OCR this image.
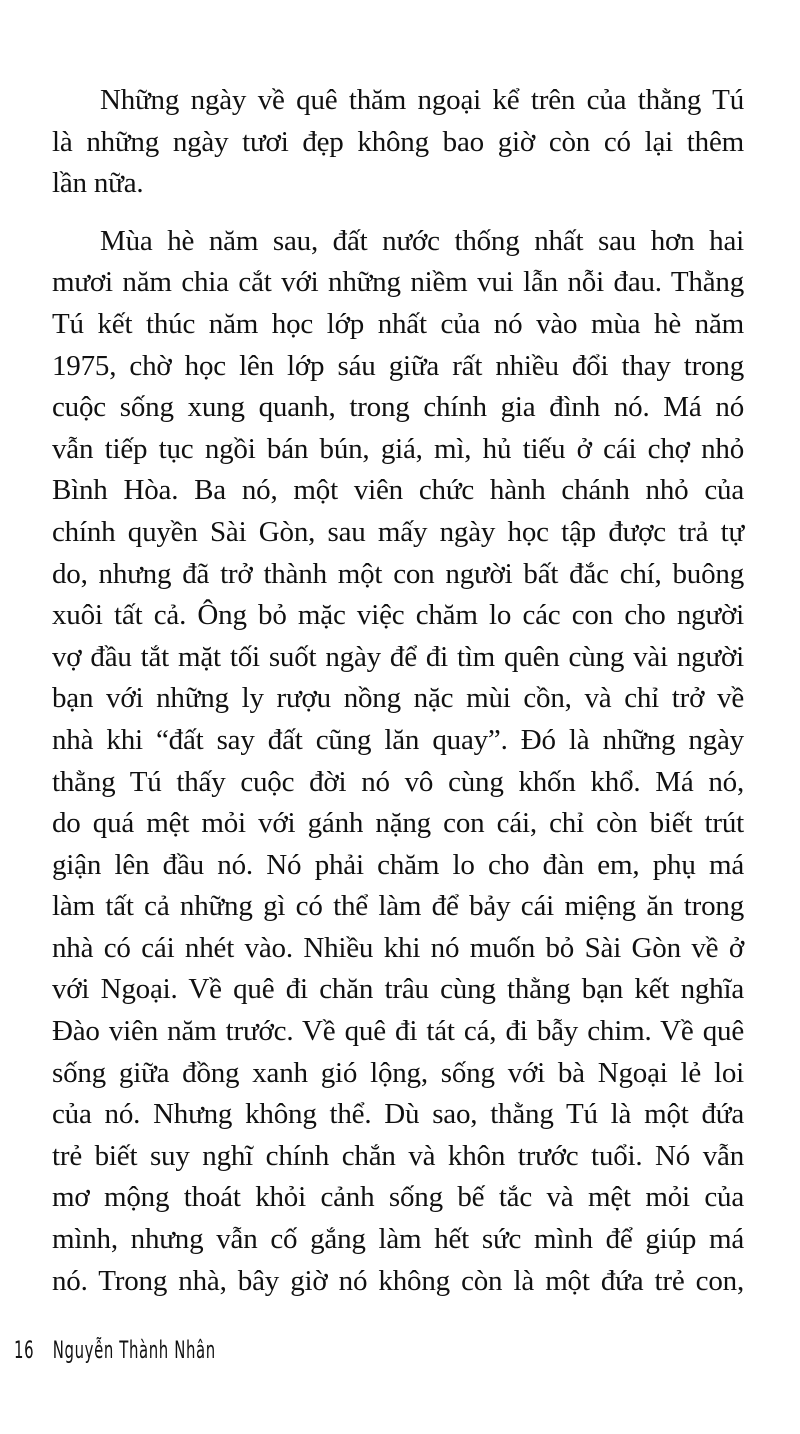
Những ngày về quê thăm ngoại kể trên của thằng Tú
là những ngày tươi đẹp không bao giờ còn có lại thêm
lần nữa.
Mùa hè năm sau, đất nước thống nhất sau hơn hai
mươi năm chia cắt với những niềm vui lẫn nỗi đau. Thằng
Tú kết thúc năm học lớp nhất của nó vào mùa hè năm
1975, chờ học lên lớp sáu giữa rất nhiều đổi thay trong
cuộc sống xung quanh, trong chính gia đình nó. Má nó
vẫn tiếp tục ngồi bán bún, giá, mì, hủ tiếu ở cái chợ nhỏ
Bình Hòa. Ba nó, một viên chức hành chánh nhỏ của
chính quyền Sài Gòn, sau mấy ngày học tập được trả tự
do, nhưng đã trở thành một con người bất đắc chí, buông
xuôi tất cả. Ông bỏ mặc việc chăm lo các con cho người
vợ đầu tắt mặt tối suốt ngày để đi tìm quên cùng vài người
bạn với những ly rượu nồng nặc mùi cồn, và chỉ trở về
nhà khi “đất say đất cũng lăn quay”. Đó là những ngày
thằng Tú thấy cuộc đời nó vô cùng khốn khổ. Má nó,
do quá mệt mỏi với gánh nặng con cái, chỉ còn biết trút
giận lên đầu nó. Nó phải chăm lo cho đàn em, phụ má
làm tất cả những gì có thể làm để bảy cái miệng ăn trong
nhà có cái nhét vào. Nhiều khi nó muốn bỏ Sài Gòn về ở
với Ngoại. Về quê đi chăn trâu cùng thằng bạn kết nghĩa
Đào viên năm trước. Về quê đi tát cá, đi bẫy chim. Về quê
sống giữa đồng xanh gió lộng, sống với bà Ngoại lẻ loi
của nó. Nhưng không thể. Dù sao, thằng Tú là một đứa
trẻ biết suy nghĩ chính chắn và khôn trước tuổi. Nó vẫn
mơ mộng thoát khỏi cảnh sống bế tắc và mệt mỏi của
mình, nhưng vẫn cố gắng làm hết sức mình để giúp má
nó. Trong nhà, bây giờ nó không còn là một đứa trẻ con,
16 Nguyễn Thành Nhân
